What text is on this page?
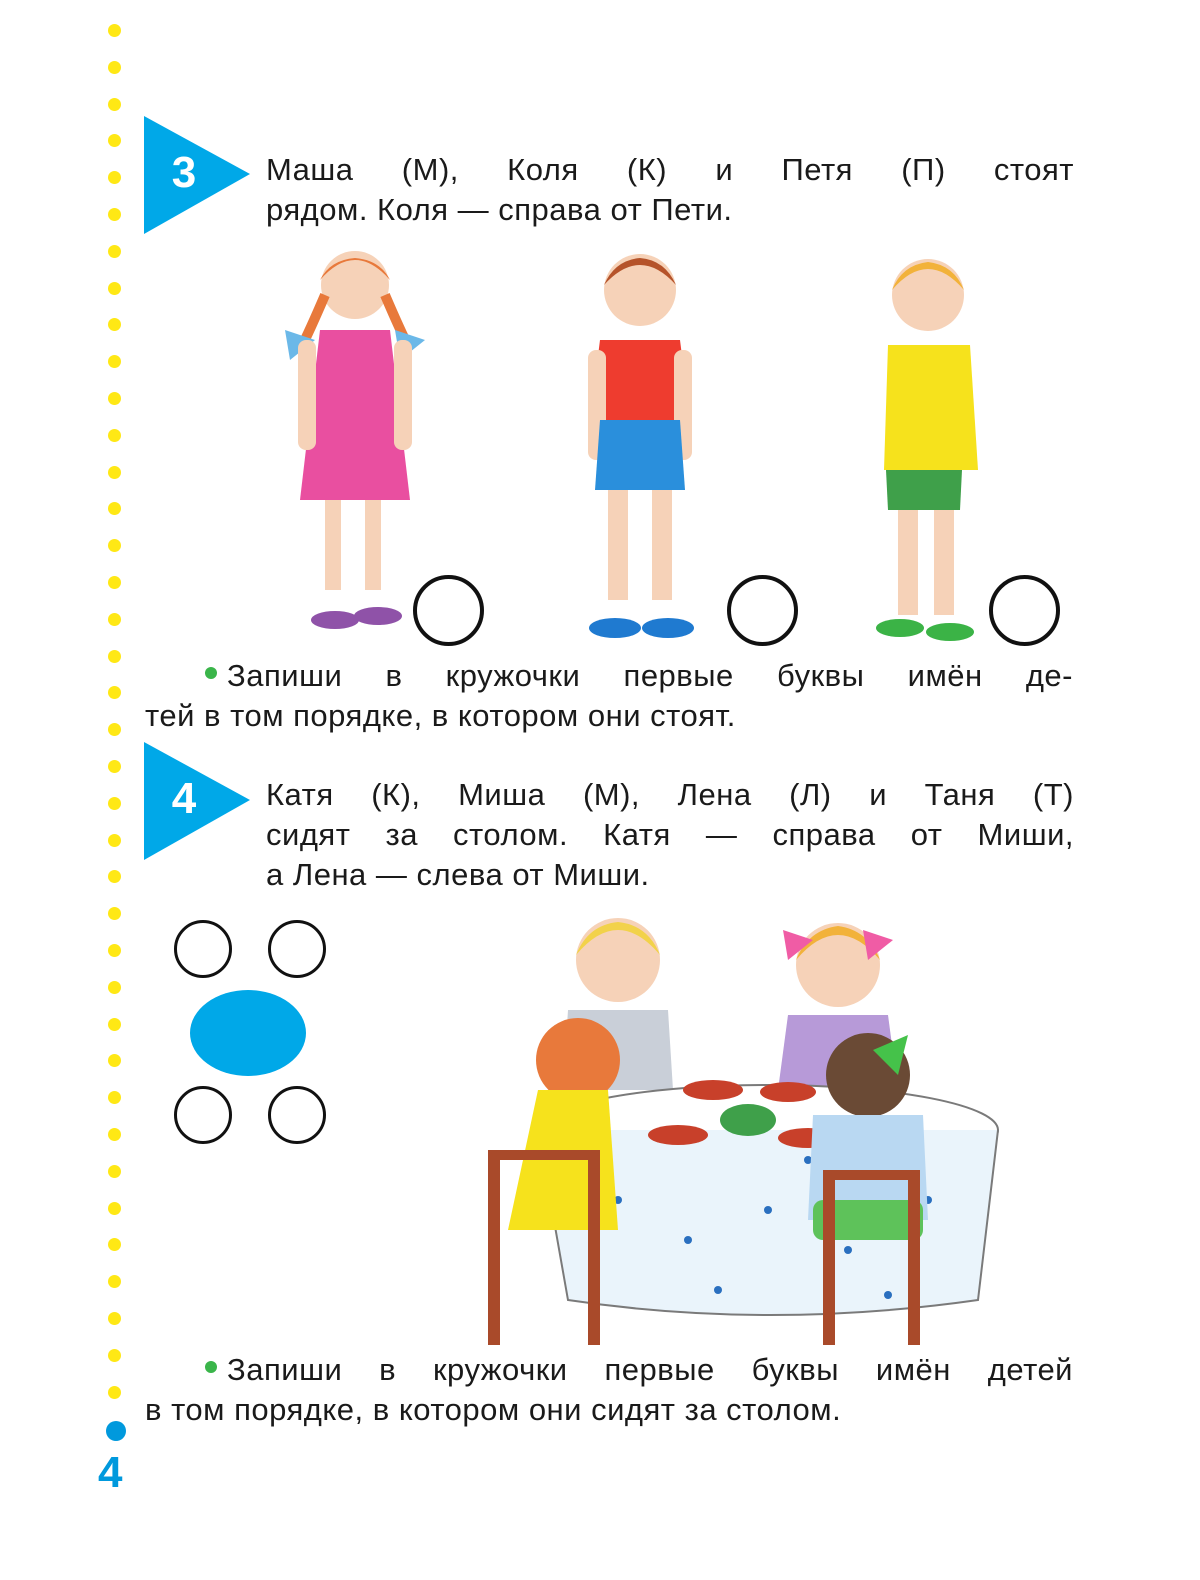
3	Маша (М), Коля (К) и Петя (П) стоят
рядом. Коля — справа от Пети.
Запиши в кружочки первые буквы имён де-
тей в том порядке, в котором они стоят.
4	Катя (К), Миша (М), Лена (Л) и Таня (Т)
сидят за столом. Катя — справа от Миши,
а Лена — слева от Миши.
Запиши в кружочки первые буквы имён детей
в том порядке, в котором они сидят за столом.
4
